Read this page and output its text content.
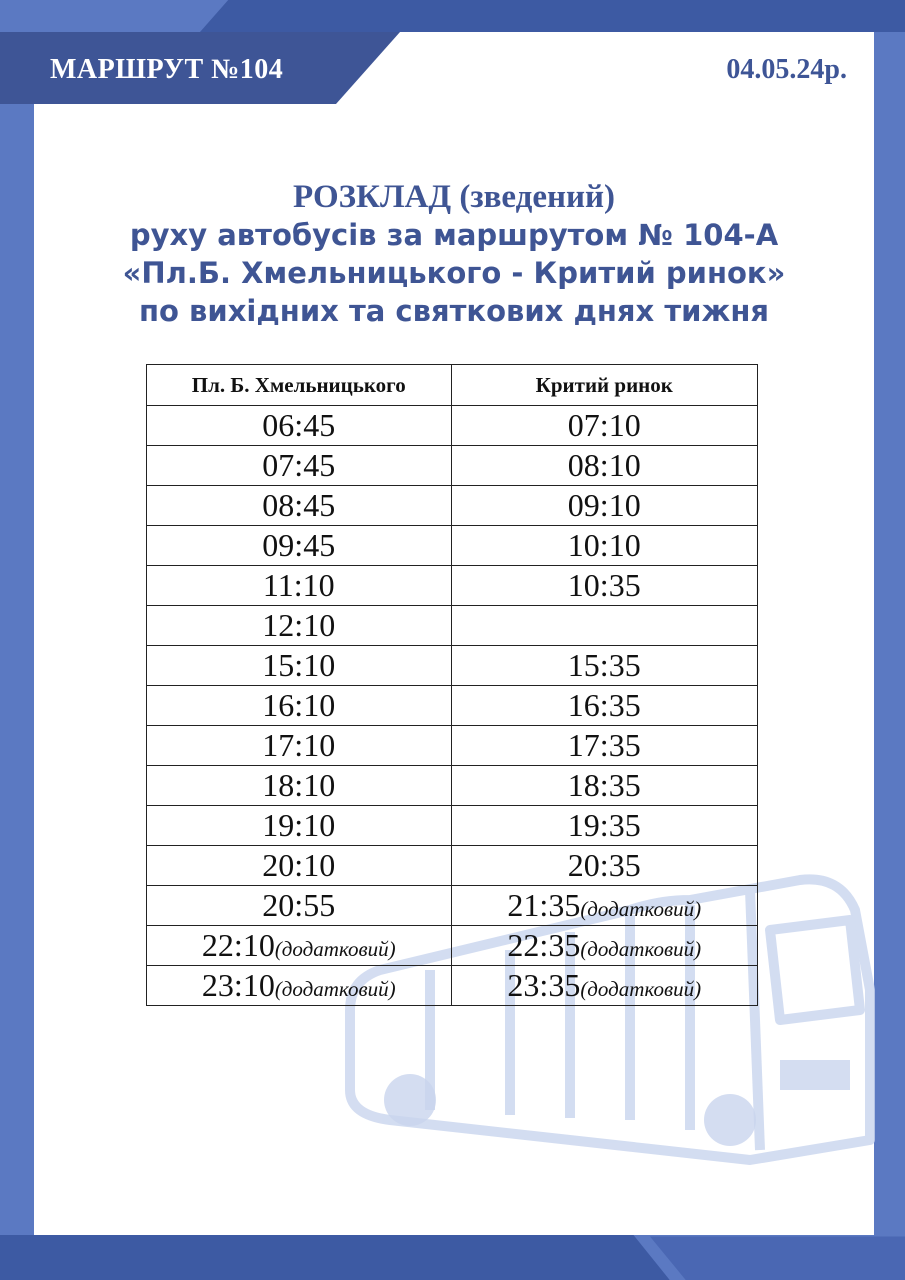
МАРШРУТ №104	04.05.24р.
РОЗКЛАД (зведений)
руху автобусів за маршрутом № 104-А
«Пл.Б. Хмельницького - Критий ринок»
по вихідних та святкових днях тижня
Пл. Б. Хмельницького	Критий ринок
06:45	07:10
07:45	08:10
08:45	09:10
09:45	10:10
11:10	10:35
12:10	
15:10	15:35
16:10	16:35
17:10	17:35
18:10	18:35
19:10	19:35
20:10	20:35
20:55	21:35(додатковий)
22:10(додатковий)	22:35(додатковий)
23:10(додатковий)	23:35(додатковий)
